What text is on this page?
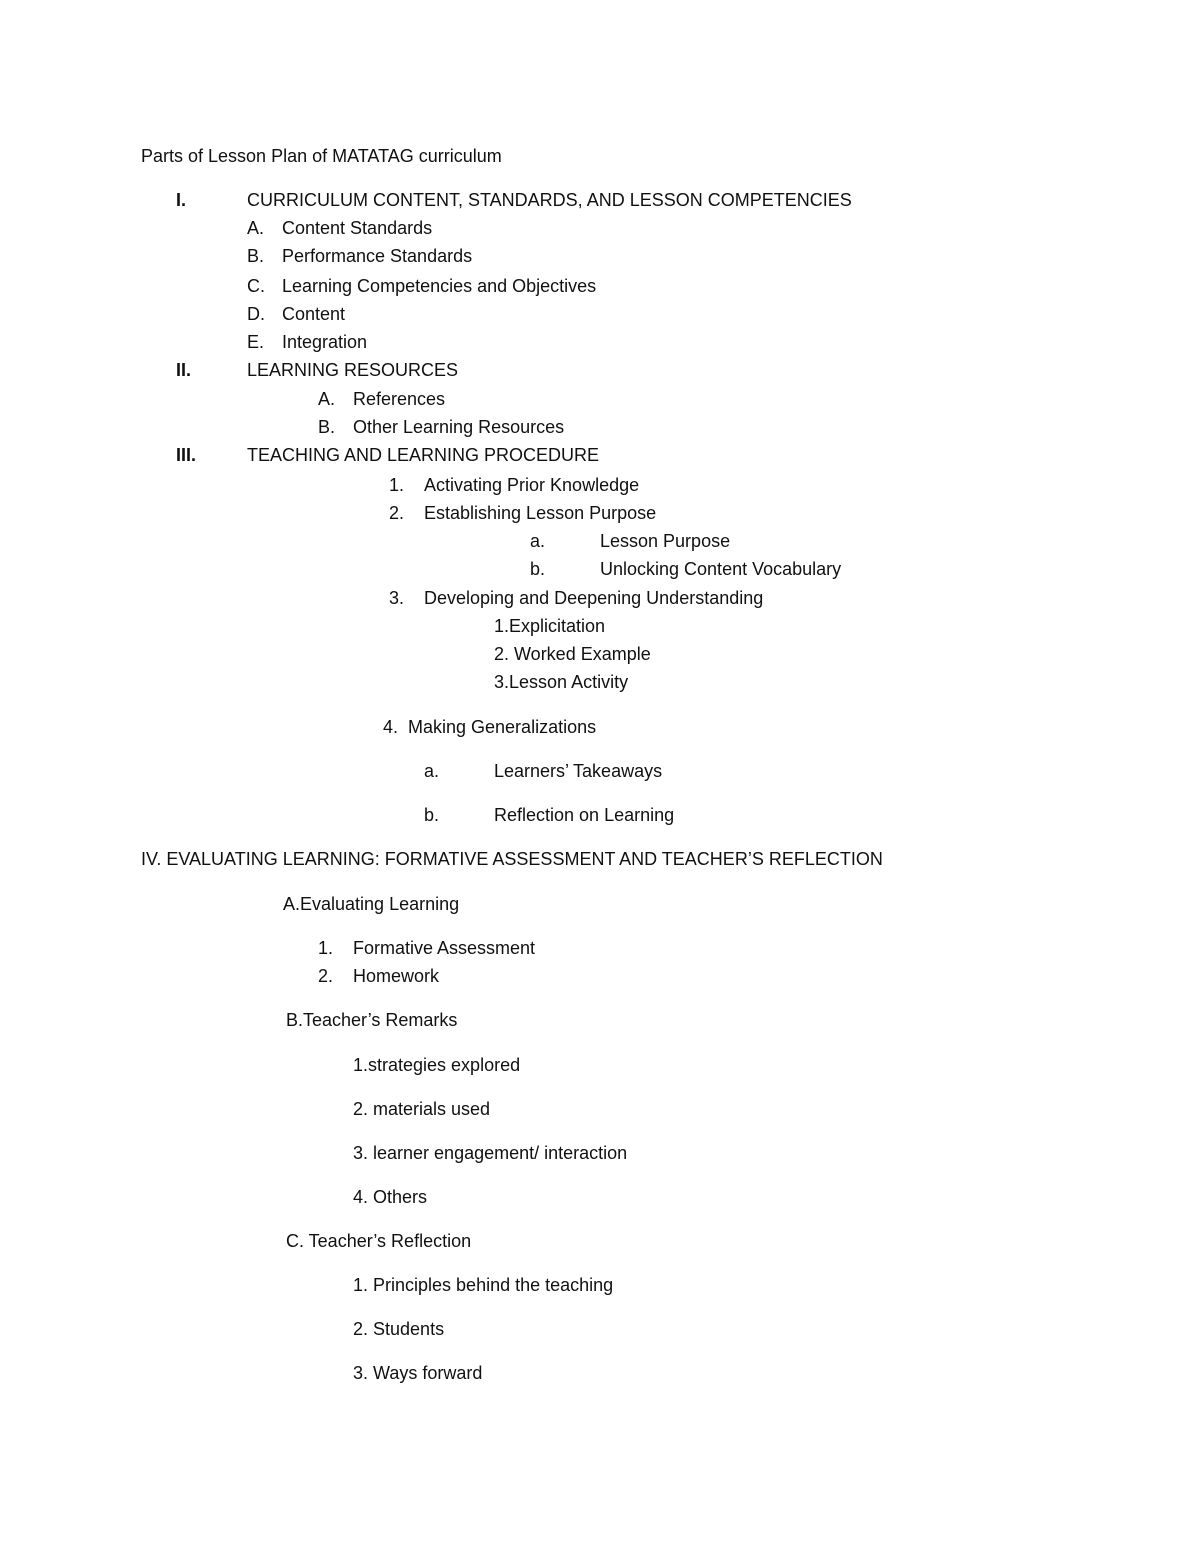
Parts of Lesson Plan of MATATAG curriculum
I.	CURRICULUM CONTENT, STANDARDS, AND LESSON COMPETENCIES
A. Content Standards
B. Performance Standards
C. Learning Competencies and Objectives
D. Content
E. Integration
II.	LEARNING RESOURCES
A. References
B. Other Learning Resources
III.	TEACHING AND LEARNING PROCEDURE
1. Activating Prior Knowledge
2. Establishing Lesson Purpose
a.	Lesson Purpose
b.	Unlocking Content Vocabulary
3. Developing and Deepening Understanding
1.Explicitation
2. Worked Example
3.Lesson Activity
4. Making Generalizations
a.	Learners’ Takeaways
b.	Reflection on Learning
IV. EVALUATING LEARNING: FORMATIVE ASSESSMENT AND TEACHER’S REFLECTION
A.Evaluating Learning
1. Formative Assessment
2. Homework
B.Teacher’s Remarks
1.strategies explored
2. materials used
3. learner engagement/ interaction
4. Others
C. Teacher’s Reflection
1. Principles behind the teaching
2. Students
3. Ways forward
